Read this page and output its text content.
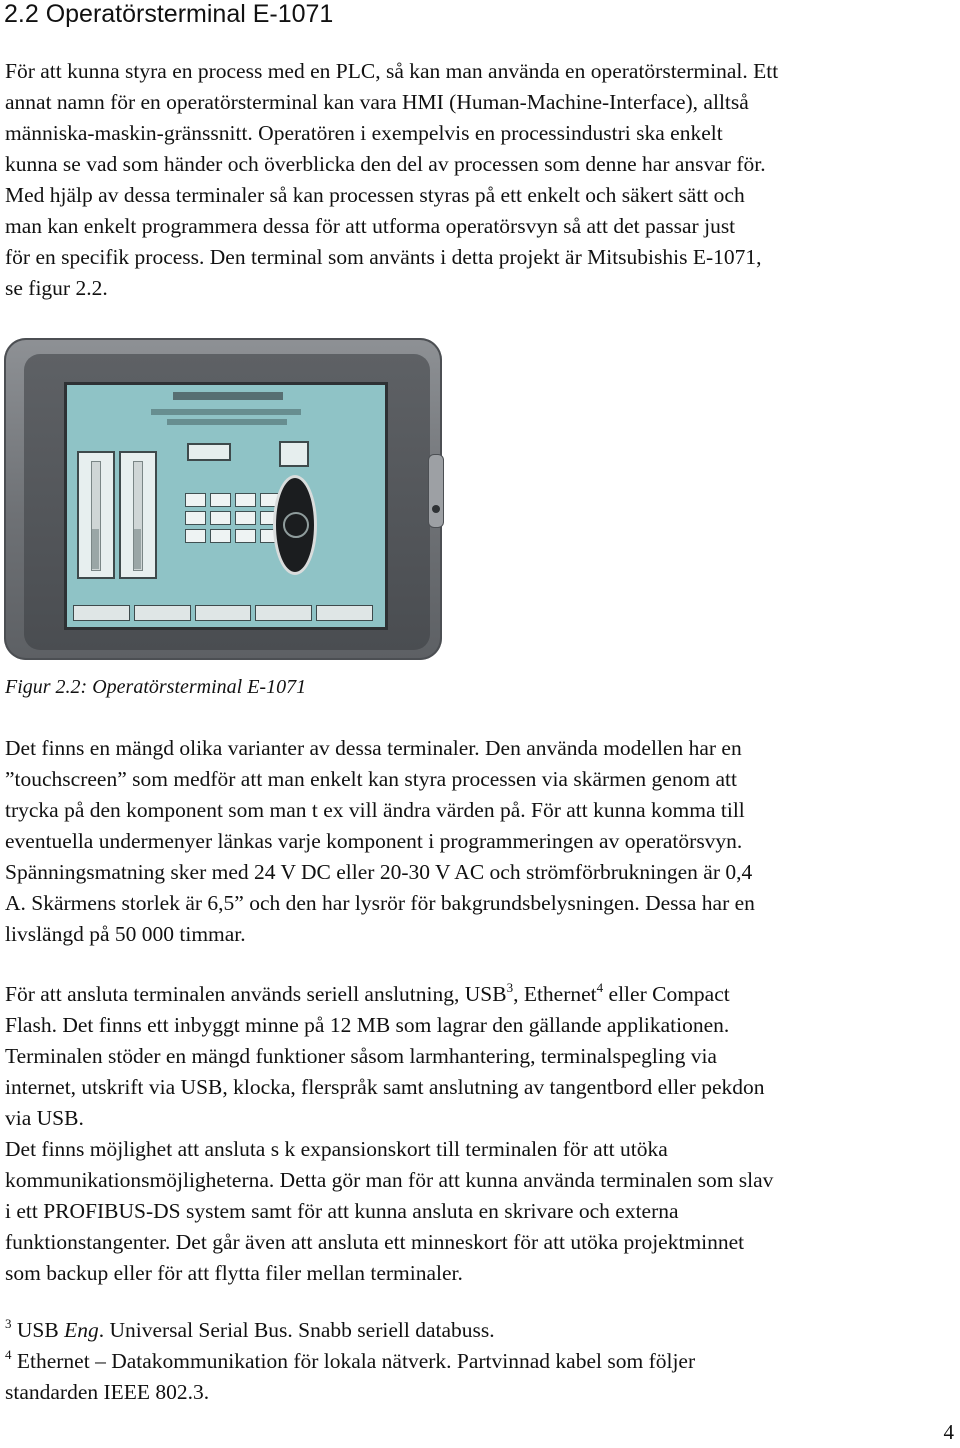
2.2 Operatörsterminal E-1071
För att kunna styra en process med en PLC, så kan man använda en operatörsterminal. Ett
annat namn för en operatörsterminal kan vara HMI (Human-Machine-Interface), alltså
människa-maskin-gränssnitt. Operatören i exempelvis en processindustri ska enkelt
kunna se vad som händer och överblicka den del av processen som denne har ansvar för.
Med hjälp av dessa terminaler så kan processen styras på ett enkelt och säkert sätt och
man kan enkelt programmera dessa för att utforma operatörsvyn så att det passar just
för en specifik process. Den terminal som använts i detta projekt är Mitsubishis E-1071,
se figur 2.2.

Figur 2.2: Operatörsterminal E-1071

Det finns en mängd olika varianter av dessa terminaler. Den använda modellen har en
”touchscreen” som medför att man enkelt kan styra processen via skärmen genom att
trycka på den komponent som man t ex vill ändra värden på. För att kunna komma till
eventuella undermenyer länkas varje komponent i programmeringen av operatörsvyn.
Spänningsmatning sker med 24 V DC eller 20-30 V AC och strömförbrukningen är 0,4
A. Skärmens storlek är 6,5” och den har lysrör för bakgrundsbelysningen. Dessa har en
livslängd på 50 000 timmar.
För att ansluta terminalen används seriell anslutning, USB$^3$, Ethernet$^4$ eller Compact
Flash. Det finns ett inbyggt minne på 12 MB som lagrar den gällande applikationen.
Terminalen stöder en mängd funktioner såsom larmhantering, terminalspegling via
internet, utskrift via USB, klocka, flerspråk samt anslutning av tangentbord eller pekdon
via USB.
Det finns möjlighet att ansluta s k expansionskort till terminalen för att utöka
kommunikationsmöjligheterna. Detta gör man för att kunna använda terminalen som slav
i ett PROFIBUS-DS system samt för att kunna ansluta en skrivare och externa
funktionstangenter. Det går även att ansluta ett minneskort för att utöka projektminnet
som backup eller för att flytta filer mellan terminaler.
$^3$ USB Eng. Universal Serial Bus. Snabb seriell databuss.
$^4$ Ethernet – Datakommunikation för lokala nätverk. Partvinnad kabel som följer
standarden IEEE 802.3.
4
